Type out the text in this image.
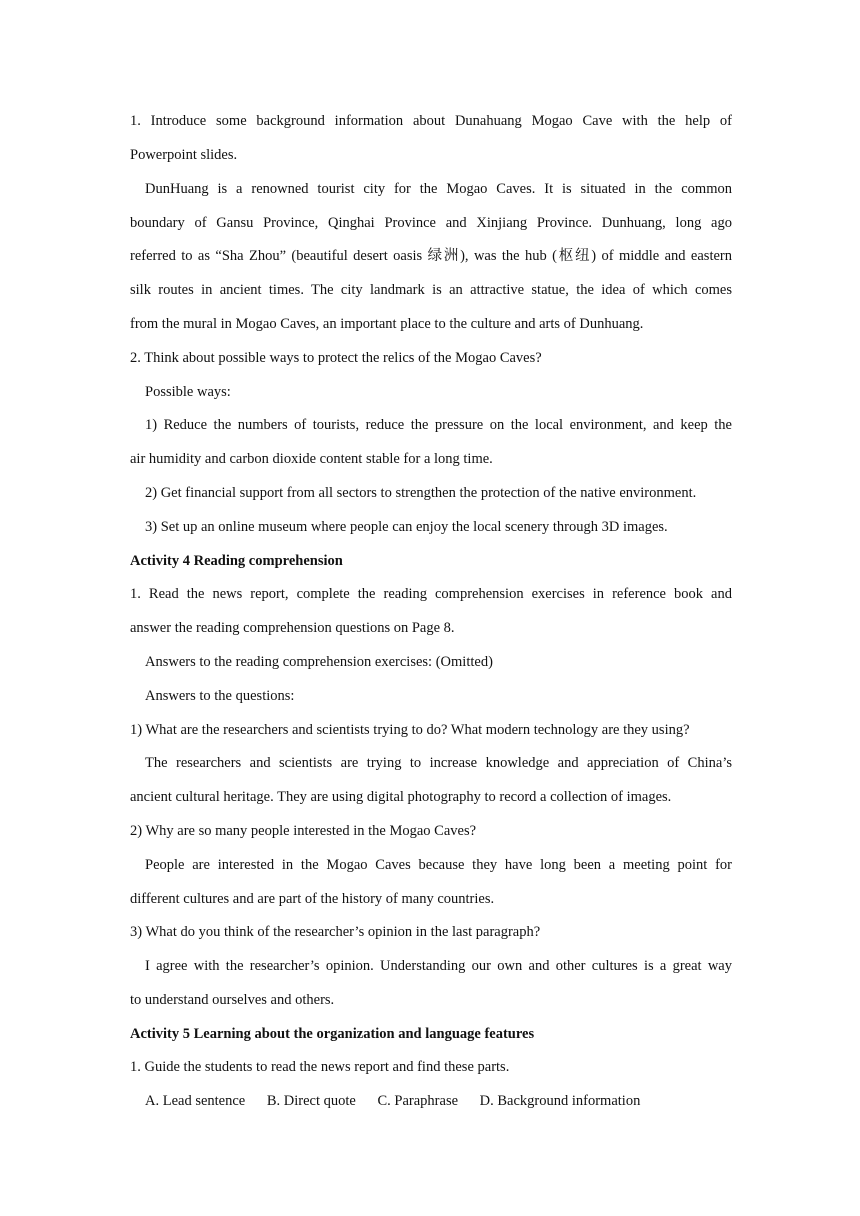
1. Introduce some background information about Dunahuang Mogao Cave with the help of
Powerpoint slides.
DunHuang is a renowned tourist city for the Mogao Caves. It is situated in the common
boundary of Gansu Province, Qinghai Province and Xinjiang Province. Dunhuang, long ago
referred to as “Sha Zhou” (beautiful desert oasis 绿洲), was the hub (枢纽) of middle and eastern
silk routes in ancient times. The city landmark is an attractive statue, the idea of which comes
from the mural in Mogao Caves, an important place to the culture and arts of Dunhuang.
2. Think about possible ways to protect the relics of the Mogao Caves?
Possible ways:
1) Reduce the numbers of tourists, reduce the pressure on the local environment, and keep the
air humidity and carbon dioxide content stable for a long time.
2) Get financial support from all sectors to strengthen the protection of the native environment.
3) Set up an online museum where people can enjoy the local scenery through 3D images.
Activity 4 Reading comprehension
1. Read the news report, complete the reading comprehension exercises in reference book and
answer the reading comprehension questions on Page 8.
Answers to the reading comprehension exercises: (Omitted)
Answers to the questions:
1) What are the researchers and scientists trying to do? What modern technology are they using?
The researchers and scientists are trying to increase knowledge and appreciation of China’s
ancient cultural heritage. They are using digital photography to record a collection of images.
2) Why are so many people interested in the Mogao Caves?
People are interested in the Mogao Caves because they have long been a meeting point for
different cultures and are part of the history of many countries.
3) What do you think of the researcher’s opinion in the last paragraph?
I agree with the researcher’s opinion. Understanding our own and other cultures is a great way
to understand ourselves and others.
Activity 5 Learning about the organization and language features
1. Guide the students to read the news report and find these parts.
A. Lead sentence B. Direct quote C. Paraphrase D. Background information
